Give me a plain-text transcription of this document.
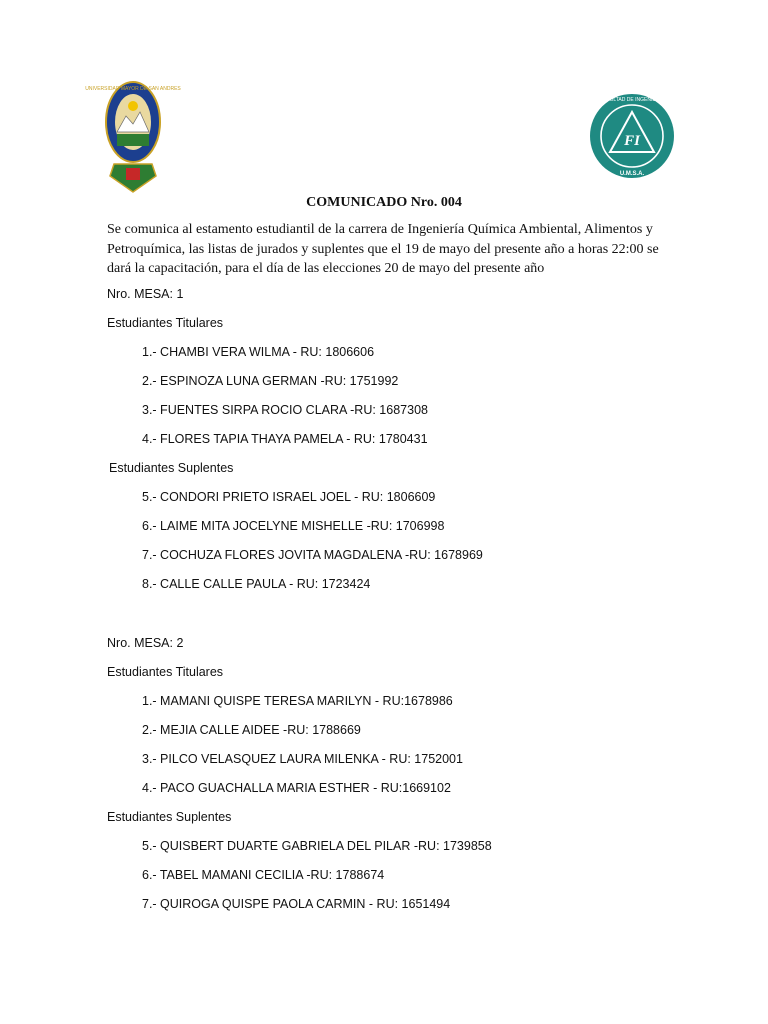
UNIVERSIDAD MAYOR DE SAN ANDRES
FI
FACULTAD DE INGENIERIA
U.M.S.A.
COMUNICADO Nro. 004
Se comunica al estamento estudiantil de la carrera de Ingeniería Química Ambiental, Alimentos y Petroquímica, las listas de jurados y suplentes que el 19 de mayo del presente año a horas 22:00 se dará la capacitación, para el día de las elecciones 20 de mayo del presente año
Nro. MESA: 1
Estudiantes Titulares
1.- CHAMBI VERA WILMA - RU: 1806606
2.- ESPINOZA LUNA GERMAN -RU: 1751992
3.- FUENTES SIRPA ROCIO CLARA -RU: 1687308
4.- FLORES TAPIA THAYA PAMELA - RU: 1780431
Estudiantes Suplentes
5.- CONDORI PRIETO ISRAEL JOEL - RU: 1806609
6.- LAIME MITA JOCELYNE MISHELLE -RU: 1706998
7.- COCHUZA FLORES JOVITA MAGDALENA -RU: 1678969
8.- CALLE CALLE PAULA - RU: 1723424
Nro. MESA: 2
Estudiantes Titulares
1.- MAMANI QUISPE TERESA MARILYN - RU:1678986
2.- MEJIA CALLE AIDEE -RU: 1788669
3.- PILCO VELASQUEZ LAURA MILENKA - RU: 1752001
4.- PACO GUACHALLA MARIA ESTHER - RU:1669102
Estudiantes Suplentes
5.- QUISBERT DUARTE GABRIELA DEL PILAR -RU: 1739858
6.- TABEL MAMANI CECILIA -RU: 1788674
7.- QUIROGA QUISPE PAOLA CARMIN - RU: 1651494
